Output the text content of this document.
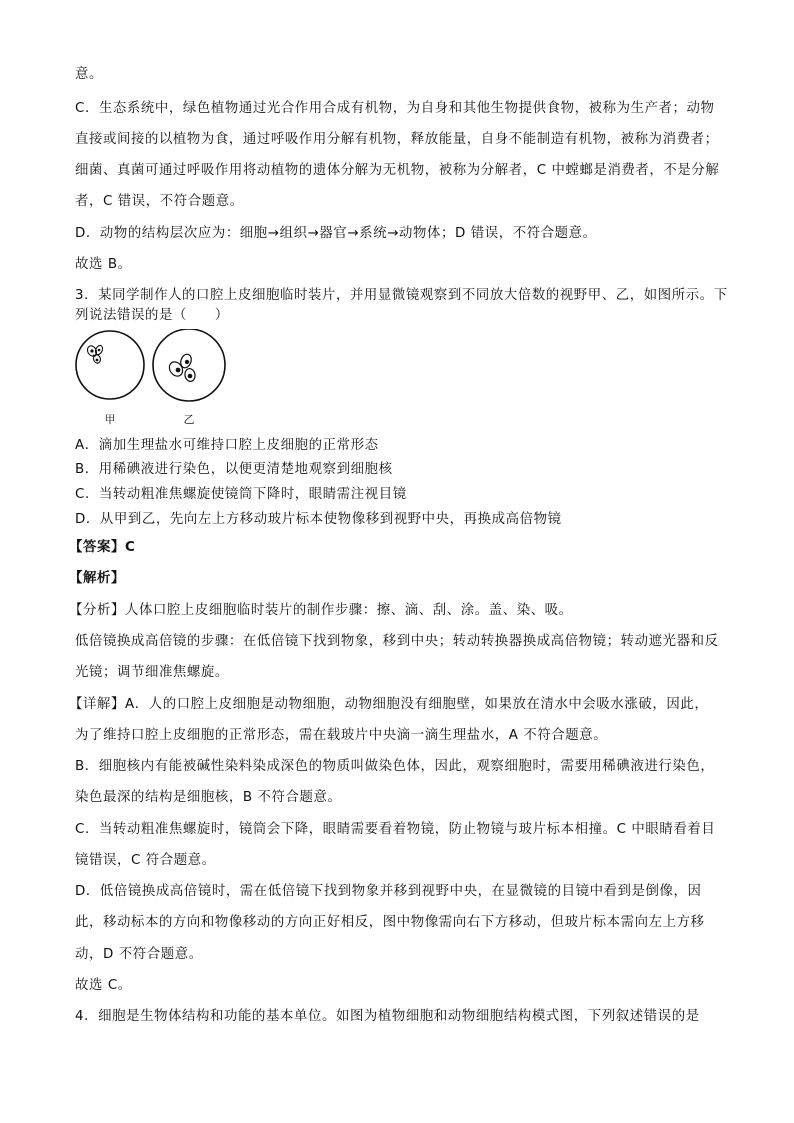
意。
C．生态系统中，绿色植物通过光合作用合成有机物，为自身和其他生物提供食物，被称为生产者；动物
直接或间接的以植物为食，通过呼吸作用分解有机物，释放能量，自身不能制造有机物，被称为消费者；
细菌、真菌可通过呼吸作用将动植物的遗体分解为无机物，被称为分解者，C 中螳螂是消费者，不是分解
者，C 错误，不符合题意。
D．动物的结构层次应为：细胞→组织→器官→系统→动物体；D 错误，不符合题意。
故选 B。
3．某同学制作人的口腔上皮细胞临时装片，并用显微镜观察到不同放大倍数的视野甲、乙，如图所示。下
列说法错误的是（　　）
甲	乙
A．滴加生理盐水可维持口腔上皮细胞的正常形态
B．用稀碘液进行染色，以便更清楚地观察到细胞核
C．当转动粗准焦螺旋使镜筒下降时，眼睛需注视目镜
D．从甲到乙，先向左上方移动玻片标本使物像移到视野中央，再换成高倍物镜
【答案】C
【解析】
【分析】人体口腔上皮细胞临时装片的制作步骤：擦、滴、刮、涂。盖、染、吸。
低倍镜换成高倍镜的步骤：在低倍镜下找到物象，移到中央；转动转换器换成高倍物镜；转动遮光器和反
光镜；调节细准焦螺旋。
【详解】A．人的口腔上皮细胞是动物细胞，动物细胞没有细胞壁，如果放在清水中会吸水涨破，因此，
为了维持口腔上皮细胞的正常形态，需在载玻片中央滴一滴生理盐水，A 不符合题意。
B．细胞核内有能被碱性染料染成深色的物质叫做染色体，因此，观察细胞时，需要用稀碘液进行染色，
染色最深的结构是细胞核，B 不符合题意。
C．当转动粗准焦螺旋时，镜筒会下降，眼睛需要看着物镜，防止物镜与玻片标本相撞。C 中眼睛看着目
镜错误，C 符合题意。
D．低倍镜换成高倍镜时，需在低倍镜下找到物象并移到视野中央，在显微镜的目镜中看到是倒像，因
此，移动标本的方向和物像移动的方向正好相反，图中物像需向右下方移动，但玻片标本需向左上方移
动，D 不符合题意。
故选 C。
4．细胞是生物体结构和功能的基本单位。如图为植物细胞和动物细胞结构模式图，下列叙述错误的是
